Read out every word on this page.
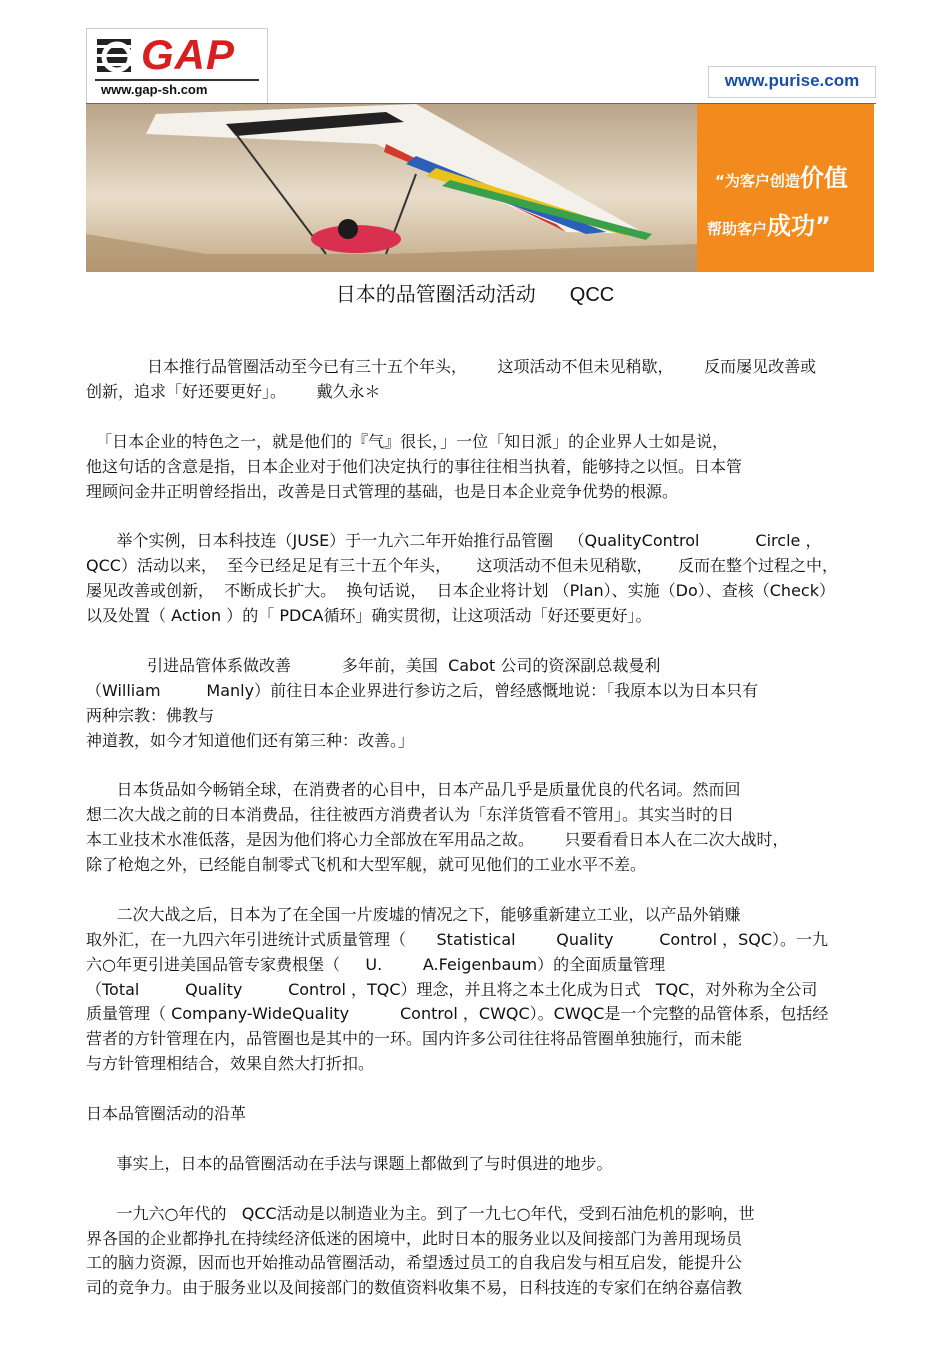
GAP
www.gap-sh.com	www.purise.com
“为客户创造价值
帮助客户成功”
日本的品管圈活动活动 QCC
日本推行品管圈活动至今已有三十五个年头，      这项活动不但未见稍歇，      反而屡见改善或
创新，追求「好还要更好」。      戴久永＊
「日本企业的特色之一，就是他们的『气』很长，」一位「知日派」的企业界人士如是说，
他这句话的含意是指，日本企业对于他们决定执行的事往往相当执着，能够持之以恒。日本管
理顾问金井正明曾经指出，改善是日式管理的基础，也是日本企业竞争优势的根源。
举个实例，日本科技连（JUSE）于一九六二年开始推行品管圈   （QualityControl           Circle ，
QCC）活动以来，  至今已经足足有三十五个年头，     这项活动不但未见稍歇，     反而在整个过程之中，
屡见改善或创新，  不断成长扩大。  换句话说，  日本企业将计划 （Plan）、实施（Do）、查核（Check）
以及处置（ Action ）的「 PDCA循环」确实贯彻，让这项活动「好还要更好」。
引进品管体系做改善          多年前，美国  Cabot 公司的资深副总裁曼利
（William         Manly）前往日本企业界进行参访之后，曾经感慨地说：「我原本以为日本只有
两种宗教：佛教与
神道教，如今才知道他们还有第三种：改善。」
日本货品如今畅销全球，在消费者的心目中，日本产品几乎是质量优良的代名词。然而回
想二次大战之前的日本消费品，往往被西方消费者认为「东洋货管看不管用」。其实当时的日
本工业技术水准低落，是因为他们将心力全部放在军用品之故。      只要看看日本人在二次大战时，
除了枪炮之外，已经能自制零式飞机和大型军舰，就可见他们的工业水平不差。
二次大战之后，日本为了在全国一片废墟的情况之下，能够重新建立工业，以产品外销赚
取外汇，在一九四六年引进统计式质量管理（      Statistical        Quality         Control ，SQC）。一九
六○年更引进美国品管专家费根堡（     U.        A.Feigenbaum）的全面质量管理
（Total         Quality         Control ，TQC）理念，并且将之本土化成为日式   TQC，对外称为全公司
质量管理（ Company-WideQuality          Control ，CWQC）。CWQC是一个完整的品管体系，包括经
营者的方针管理在内，品管圈也是其中的一环。国内许多公司往往将品管圈单独施行，而未能
与方针管理相结合，效果自然大打折扣。
日本品管圈活动的沿革
事实上，日本的品管圈活动在手法与课题上都做到了与时俱进的地步。
一九六○年代的   QCC活动是以制造业为主。到了一九七○年代，受到石油危机的影响，世
界各国的企业都挣扎在持续经济低迷的困境中，此时日本的服务业以及间接部门为善用现场员
工的脑力资源，因而也开始推动品管圈活动，希望透过员工的自我启发与相互启发，能提升公
司的竞争力。由于服务业以及间接部门的数值资料收集不易，日科技连的专家们在纳谷嘉信教
